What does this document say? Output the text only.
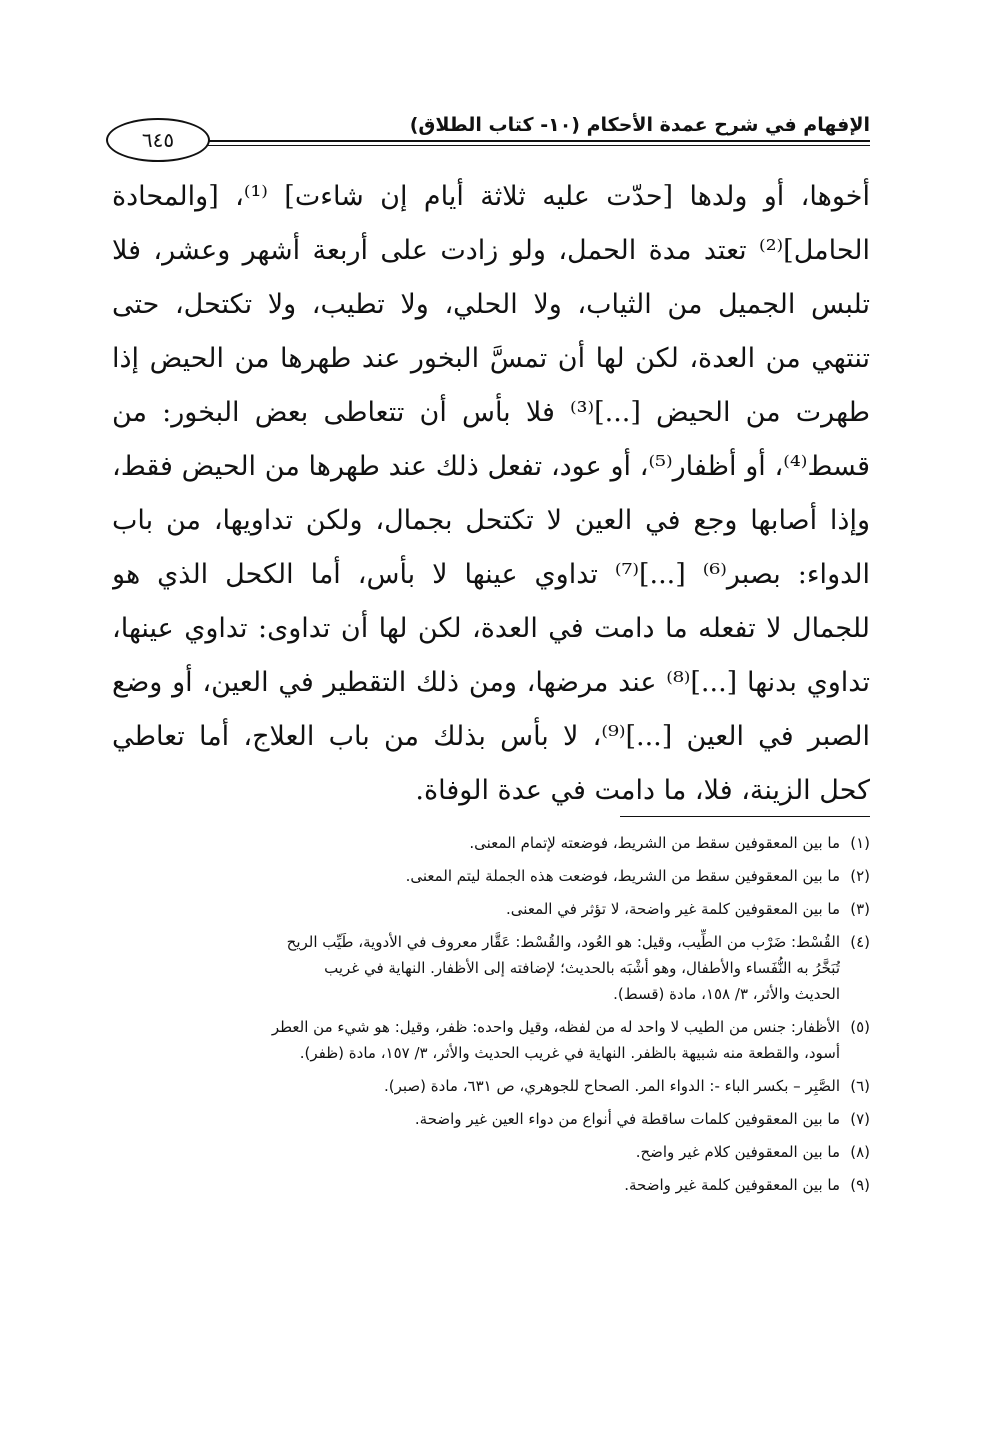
الإفهام في شرح عمدة الأحكام (١٠- كتاب الطلاق)
٦٤٥
أخوها، أو ولدها [حدّت عليه ثلاثة أيام إن شاءت] ⁽¹⁾، [والمحادة
الحامل]⁽²⁾ تعتد مدة الحمل، ولو زادت على أربعة أشهر وعشر، فلا
تلبس الجميل من الثياب، ولا الحلي، ولا تطيب، ولا تكتحل، حتى
تنتهي من العدة، لكن لها أن تمسَّ البخور عند طهرها من الحيض إذا
طهرت من الحيض [...]⁽³⁾ فلا بأس أن تتعاطى بعض البخور: من
قسط⁽⁴⁾، أو أظفار⁽⁵⁾، أو عود، تفعل ذلك عند طهرها من الحيض فقط،
وإذا أصابها وجع في العين لا تكتحل بجمال، ولكن تداويها، من باب
الدواء: بصبر⁽⁶⁾ [...]⁽⁷⁾ تداوي عينها لا بأس، أما الكحل الذي هو
للجمال لا تفعله ما دامت في العدة، لكن لها أن تداوى: تداوي عينها،
تداوي بدنها [...]⁽⁸⁾ عند مرضها، ومن ذلك التقطير في العين، أو وضع
الصبر في العين [...]⁽⁹⁾، لا بأس بذلك من باب العلاج، أما تعاطي
كحل الزينة، فلا، ما دامت في عدة الوفاة.
(١)
ما بين المعقوفين سقط من الشريط، فوضعته لإتمام المعنى.
(٢)
ما بين المعقوفين سقط من الشريط، فوضعت هذه الجملة ليتم المعنى.
(٣)
ما بين المعقوفين كلمة غير واضحة، لا تؤثر في المعنى.
(٤)
القُسْط: ضَرْب من الطِّيب، وقيل: هو العُود، والقُسْط: عَقَّار معروف في الأدوية، طَيِّب الريح
تُبَخَّرُ به النُّفَساء والأطفال، وهو أشْبَه بالحديث؛ لإضافته إلى الأظفار. النهاية في غريب
الحديث والأثر، ٣/ ١٥٨، مادة (قسط).
(٥)
الأظفار: جنس من الطيب لا واحد له من لفظه، وقيل واحده: ظفر، وقيل: هو شيء من العطر
أسود، والقطعة منه شبيهة بالظفر. النهاية في غريب الحديث والأثر، ٣/ ١٥٧، مادة (ظفر).
(٦)
الصَّبِر – بكسر الباء -: الدواء المر. الصحاح للجوهري، ص ٦٣١، مادة (صبر).
(٧)
ما بين المعقوفين كلمات ساقطة في أنواع من دواء العين غير واضحة.
(٨)
ما بين المعقوفين كلام غير واضح.
(٩)
ما بين المعقوفين كلمة غير واضحة.
